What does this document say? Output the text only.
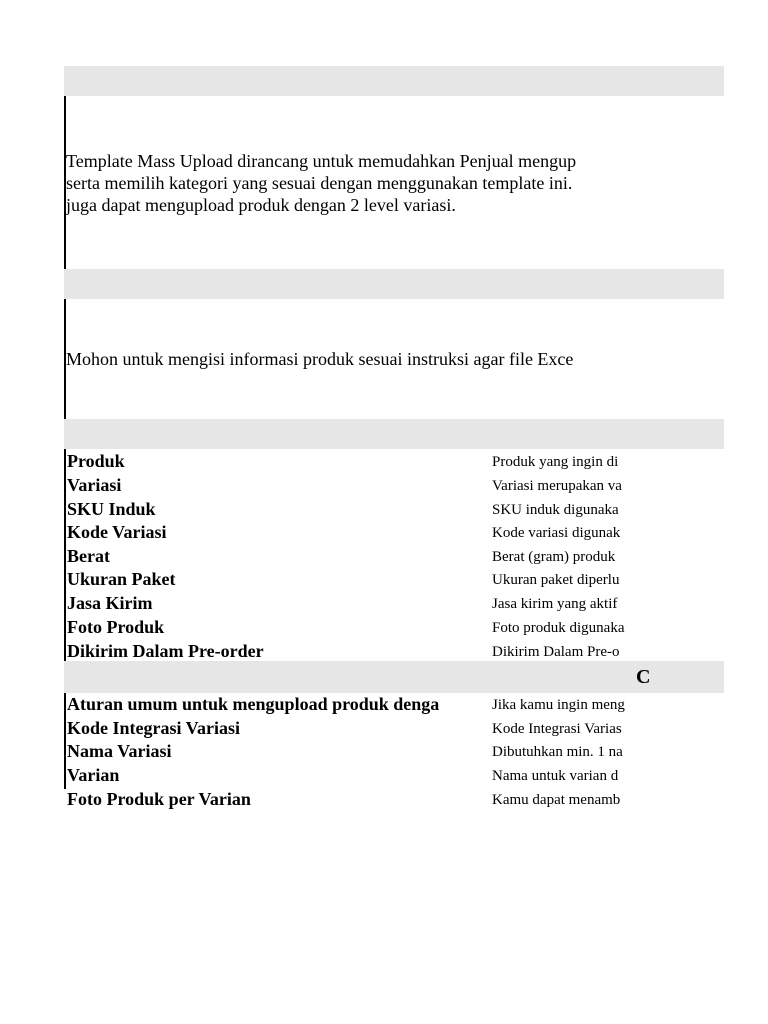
C
Template Mass Upload dirancang untuk memudahkan Penjual mengup
serta memilih kategori yang sesuai dengan menggunakan template ini.
juga dapat mengupload produk dengan 2 level variasi.
Mohon untuk mengisi informasi produk sesuai instruksi agar file Exce
Produk	Produk yang ingin di
Variasi	Variasi merupakan va
SKU Induk	SKU induk digunaka
Kode Variasi	Kode variasi digunak
Berat	Berat (gram) produk
Ukuran Paket	Ukuran paket diperlu
Jasa Kirim	Jasa kirim yang aktif
Foto Produk	Foto produk digunaka
Dikirim Dalam Pre-order	Dikirim Dalam Pre-o
Aturan umum untuk mengupload produk denga	Jika kamu ingin meng
Kode Integrasi Variasi	Kode Integrasi Varias
Nama Variasi	Dibutuhkan min. 1 na
Varian	Nama untuk varian d
Foto Produk per Varian	Kamu dapat menamb
